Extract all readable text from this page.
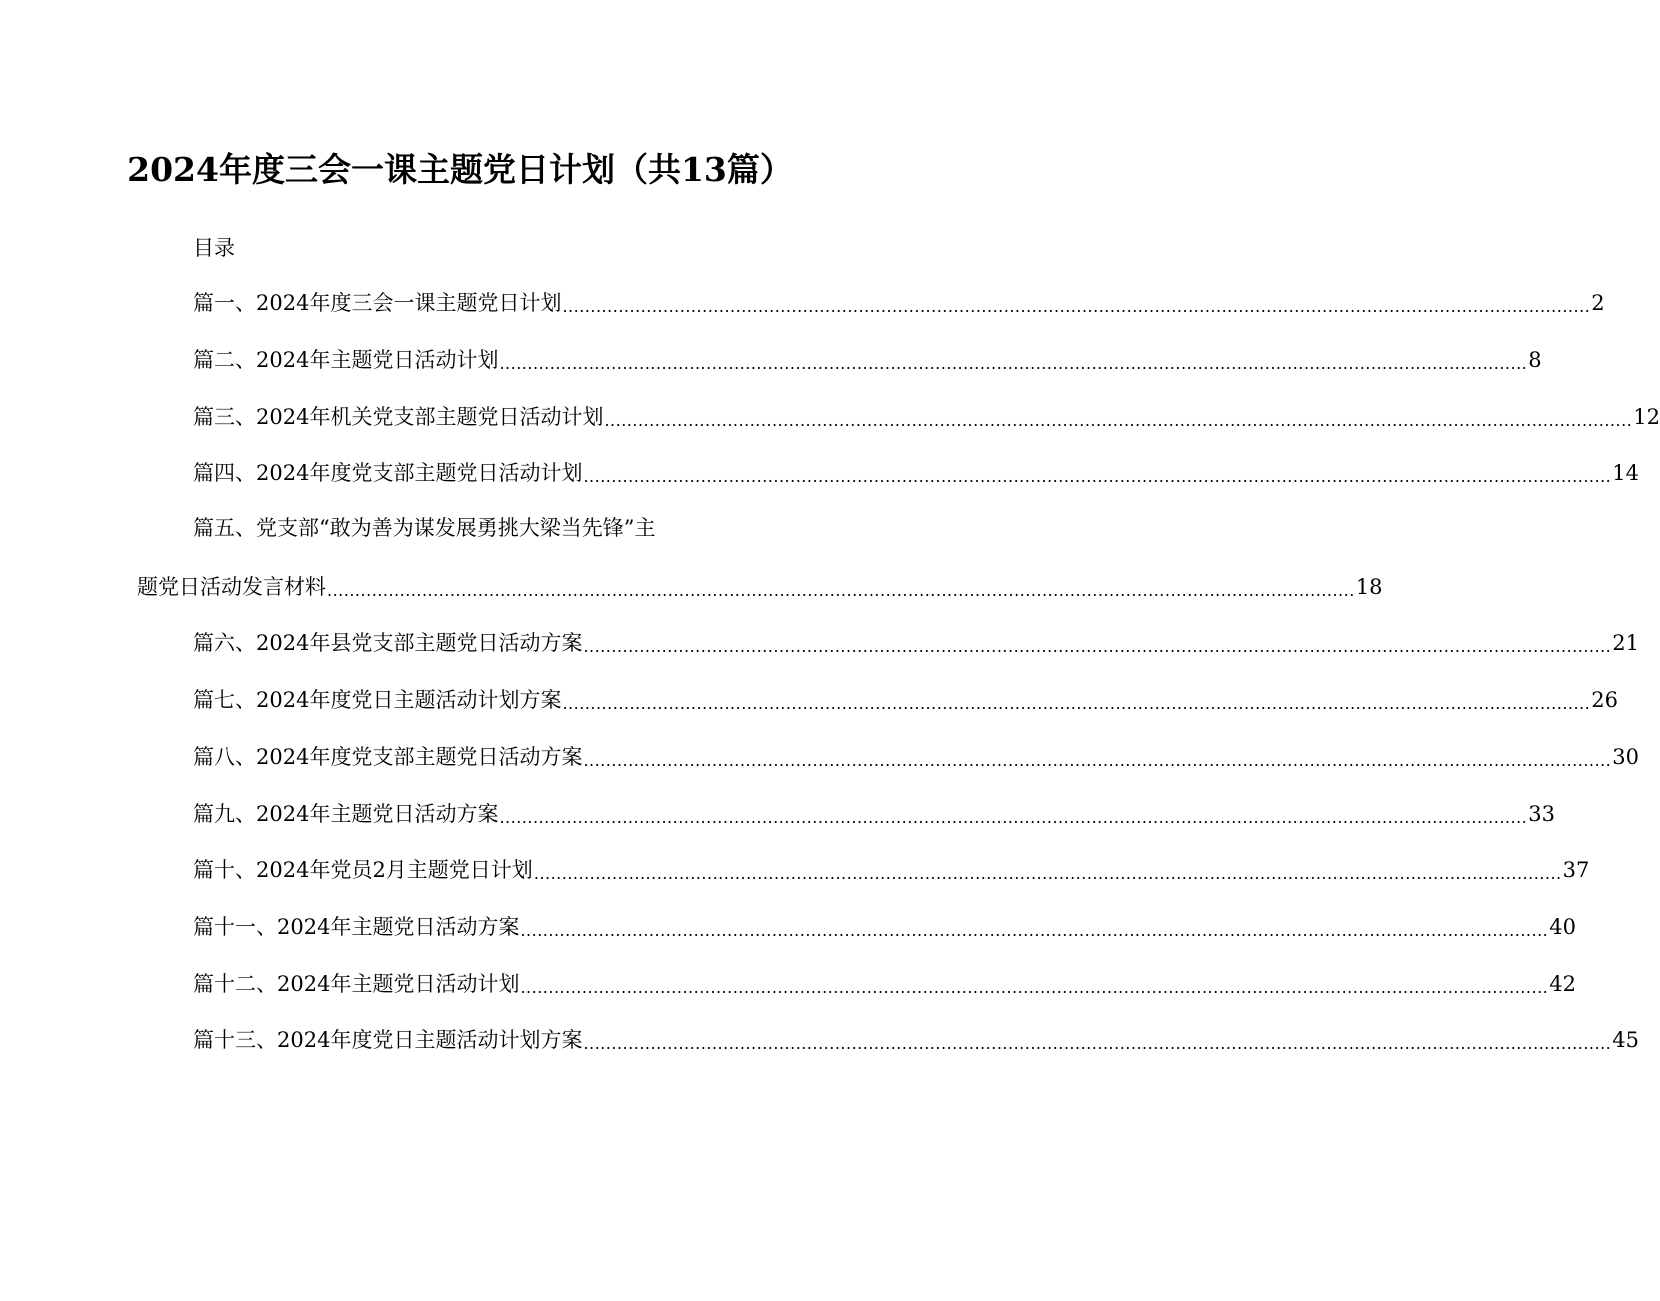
2024年度三会一课主题党日计划（共13篇）
目录
篇一、2024年度三会一课主题党日计划 ........................................................................................................................................................................................ 2
篇二、2024年主题党日活动计划 ........................................................................................................................................................................................ 8
篇三、2024年机关党支部主题党日活动计划 ........................................................................................................................................................................................ 12
篇四、2024年度党支部主题党日活动计划 ........................................................................................................................................................................................ 14
篇五、党支部“敢为善为谋发展勇挑大梁当先锋”主
题党日活动发言材料 ........................................................................................................................................................................................ 18
篇六、2024年县党支部主题党日活动方案 ........................................................................................................................................................................................ 21
篇七、2024年度党日主题活动计划方案 ........................................................................................................................................................................................ 26
篇八、2024年度党支部主题党日活动方案 ........................................................................................................................................................................................ 30
篇九、2024年主题党日活动方案 ........................................................................................................................................................................................ 33
篇十、2024年党员2月主题党日计划 ........................................................................................................................................................................................ 37
篇十一、2024年主题党日活动方案 ........................................................................................................................................................................................ 40
篇十二、2024年主题党日活动计划 ........................................................................................................................................................................................ 42
篇十三、2024年度党日主题活动计划方案 ........................................................................................................................................................................................ 45
